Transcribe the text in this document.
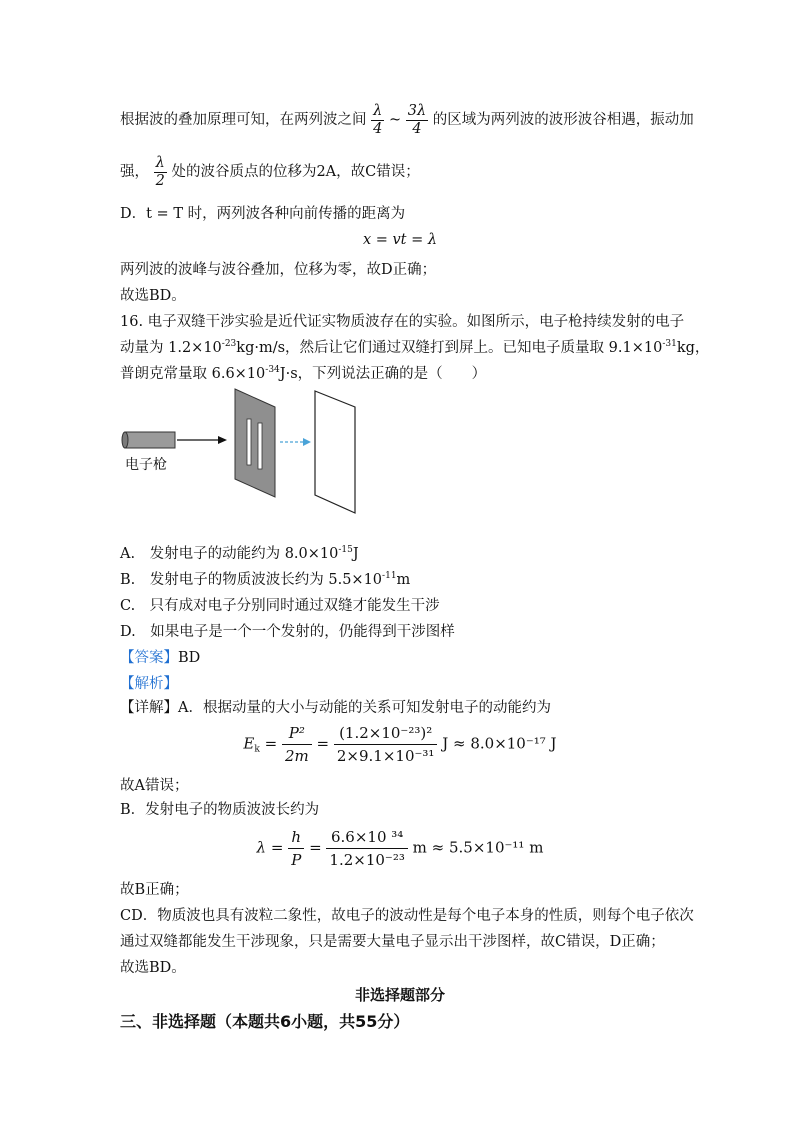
根据波的叠加原理可知，在两列波之间 $\frac{\lambda}{4}$ ~ $\frac{3\lambda}{4}$ 的区域为两列波的波形波谷相遇，振动加
强， $\frac{\lambda}{2}$ 处的波谷质点的位移为2A，故C错误；
D．t = T 时，两列波各种向前传播的距离为
x = vt = λ
两列波的波峰与波谷叠加，位移为零，故D正确；
故选BD。
16. 电子双缝干涉实验是近代证实物质波存在的实验。如图所示，电子枪持续发射的电子
动量为 $1.2\times 10^{-23}kg\cdot m/s$，然后让它们通过双缝打到屏上。已知电子质量取 $9.1\times 10^{-31}kg$，
普朗克常量取 $6.6\times 10^{-34}J\cdot s$，下列说法正确的是（　　）
电子枪
A.　发射电子的动能约为 $8.0\times 10^{-15}J$
B.　发射电子的物质波波长约为 $5.5\times 10^{-11}m$
C.　只有成对电子分别同时通过双缝才能发生干涉
D.　如果电子是一个一个发射的，仍能得到干涉图样
【答案】BD
【解析】
【详解】A．根据动量的大小与动能的关系可知发射电子的动能约为
$E_k = \frac{\text{P²}}{2m} = \frac{\text{(1.2×10⁻²³)²}}{\text{2×9.1×10⁻³¹}}$ J ≈ 8.0×10⁻¹⁷ J
故A错误；
B．发射电子的物质波波长约为
$\lambda = \frac{h}{P} = \frac{\text{6.6×10 ³⁴}}{\text{1.2×10⁻²³}}$ m ≈ 5.5×10⁻¹¹ m
故B正确；
CD．物质波也具有波粒二象性，故电子的波动性是每个电子本身的性质，则每个电子依次
通过双缝都能发生干涉现象，只是需要大量电子显示出干涉图样，故C错误，D正确；
故选BD。
非选择题部分
三、非选择题（本题共6小题，共55分）
